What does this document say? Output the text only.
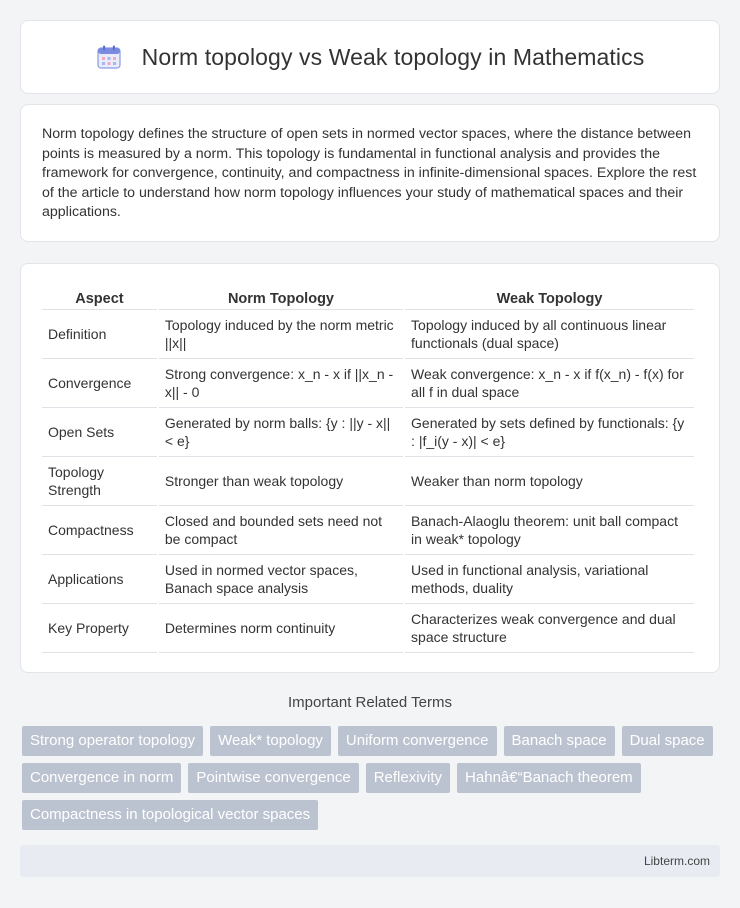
Norm topology vs Weak topology in Mathematics

Norm topology defines the structure of open sets in normed vector spaces, where the distance between points is measured by a norm. This topology is fundamental in functional analysis and provides the framework for convergence, continuity, and compactness in infinite-dimensional spaces. Explore the rest of the article to understand how norm topology influences your study of mathematical spaces and their applications.

Aspect	Norm Topology	Weak Topology
Definition	Topology induced by the norm metric ||x||	Topology induced by all continuous linear functionals (dual space)
Convergence	Strong convergence: x_n - x if ||x_n - x|| - 0	Weak convergence: x_n - x if f(x_n) - f(x) for all f in dual space
Open Sets	Generated by norm balls: {y : ||y - x|| < e}	Generated by sets defined by functionals: {y : |f_i(y - x)| < e}
Topology Strength	Stronger than weak topology	Weaker than norm topology
Compactness	Closed and bounded sets need not be compact	Banach-Alaoglu theorem: unit ball compact in weak* topology
Applications	Used in normed vector spaces, Banach space analysis	Used in functional analysis, variational methods, duality
Key Property	Determines norm continuity	Characterizes weak convergence and dual space structure
Important Related Terms
Strong operator topology	Weak* topology	Uniform convergence	Banach space	Dual space
Convergence in norm	Pointwise convergence	Reflexivity	Hahnâ€“Banach theorem
Compactness in topological vector spaces
Libterm.com
